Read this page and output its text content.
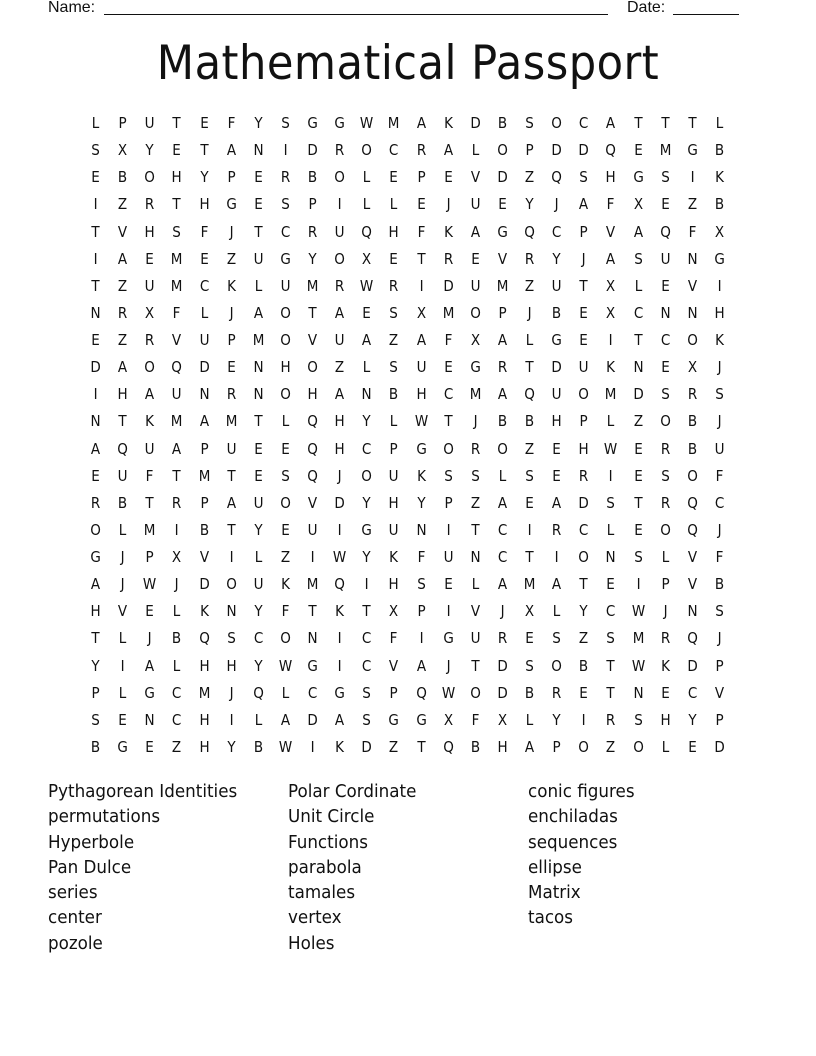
Name:	Date:
Mathematical Passport
L	P	U	T	E	F	Y	S	G	G	W M	A	K	D	B	S	O	C	A	T	T	T	L
S	X	Y	E	T	A	N	I	D	R	O	C	R	A	L	O	P	D	D	Q	E	M	G	B
E	B	O	H	Y	P	E	R	B	O	L	E	P	E	V	D	Z	Q	S	H	G	S	I	K
I	Z	R	T	H	G	E	S	P	I	L	L	E	J	U	E	Y	J	A	F	X	E	Z	B
T	V	H	S	F	J	T	C	R	U	Q	H	F	K	A	G	Q	C	P	V	A	Q	F	X
I	A	E	M	E	Z	U	G	Y	O	X	E	T	R	E	V	R	Y	J	A	S	U	N	G
T	Z	U	M	C	K	L	U	M	R	W	R	I	D	U	M	Z	U	T	X	L	E	V	I
N	R	X	F	L	J	A	O	T	A	E	S	X	M	O	P	J	B	E	X	C	N	N	H
E	Z	R	V	U	P	M	O	V	U	A	Z	A	F	X	A	L	G	E	I	T	C	O	K
D	A	O	Q	D	E	N	H	O	Z	L	S	U	E	G	R	T	D	U	K	N	E	X	J
I	H	A	U	N	R	N	O	H	A	N	B	H	C	M	A	Q	U	O	M	D	S	R	S
N	T	K	M	A	M	T	L	Q	H	Y	L	W	T	J	B	B	H	P	L	Z	O	B	J
A	Q	U	A	P	U	E	E	Q	H	C	P	G	O	R	O	Z	E	H	W	E	R	B	U
E	U	F	T	M	T	E	S	Q	J	O	U	K	S	S	L	S	E	R	I	E	S	O	F
R	B	T	R	P	A	U	O	V	D	Y	H	Y	P	Z	A	E	A	D	S	T	R	Q	C
O	L	M	I	B	T	Y	E	U	I	G	U	N	I	T	C	I	R	C	L	E	O	Q	J
G	J	P	X	V	I	L	Z	I	W	Y	K	F	U	N	C	T	I	O	N	S	L	V	F
A	J	W	J	D	O	U	K	M	Q	I	H	S	E	L	A	M	A	T	E	I	P	V	B
H	V	E	L	K	N	Y	F	T	K	T	X	P	I	V	J	X	L	Y	C	W	J	N	S
T	L	J	B	Q	S	C	O	N	I	C	F	I	G	U	R	E	S	Z	S	M	R	Q	J
Y	I	A	L	H	H	Y	W	G	I	C	V	A	J	T	D	S	O	B	T	W	K	D	P
P	L	G	C	M	J	Q	L	C	G	S	P	Q	W	O	D	B	R	E	T	N	E	C	V
S	E	N	C	H	I	L	A	D	A	S	G	G	X	F	X	L	Y	I	R	S	H	Y	P
B	G	E	Z	H	Y	B	W	I	K	D	Z	T	Q	B	H	A	P	O	Z	O	L	E	D
Pythagorean Identities
permutations
Hyperbole
Pan Dulce
series
center
pozole
Polar Cordinate
Unit Circle
Functions
parabola
tamales
vertex
Holes
conic figures
enchiladas
sequences
ellipse
Matrix
tacos
